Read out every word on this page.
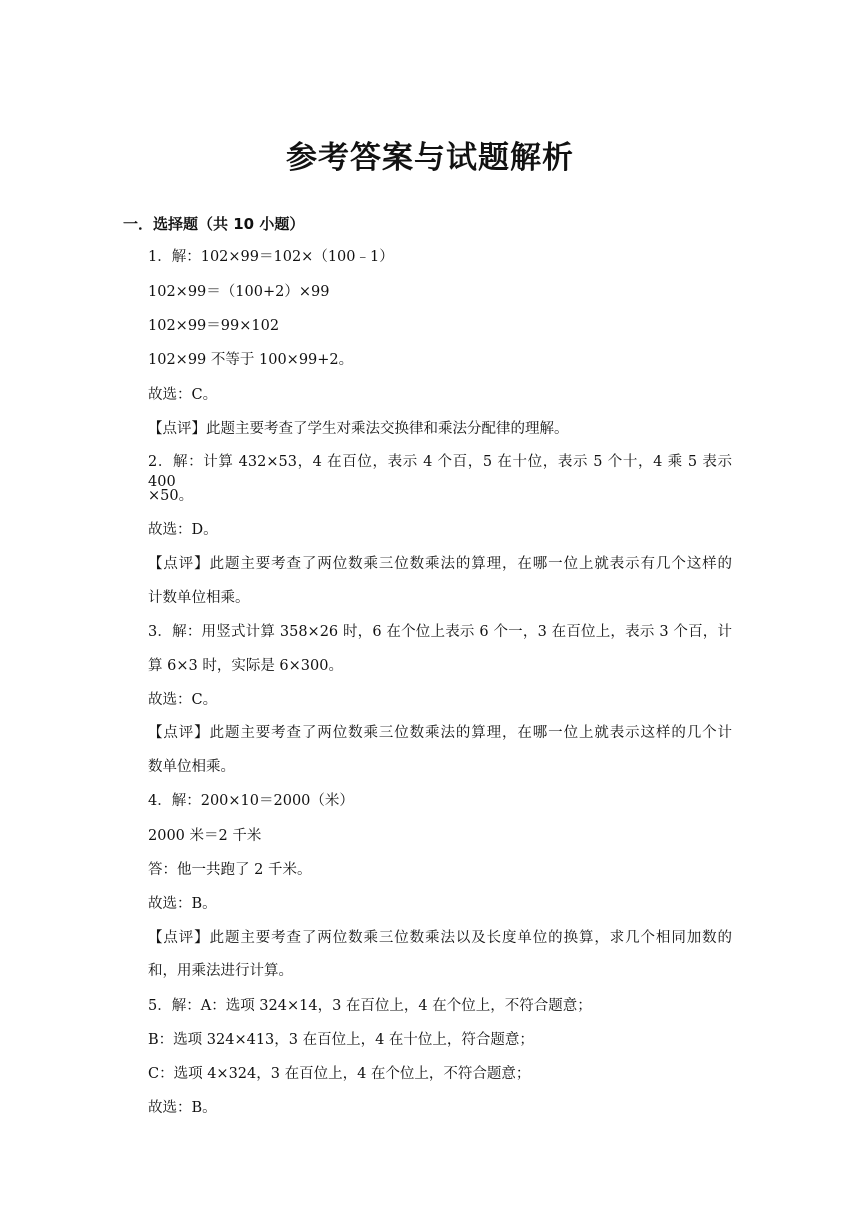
参考答案与试题解析
一．选择题（共 10 小题）
1．解：102×99＝102×（100﹣1）
102×99＝（100+2）×99
102×99＝99×102
102×99 不等于 100×99+2。
故选：C。
【点评】此题主要考查了学生对乘法交换律和乘法分配律的理解。
2．解：计算 432×53，4 在百位，表示 4 个百，5 在十位，表示 5 个十，4 乘 5 表示 400
×50。
故选：D。
【点评】此题主要考查了两位数乘三位数乘法的算理，在哪一位上就表示有几个这样的
计数单位相乘。
3．解：用竖式计算 358×26 时，6 在个位上表示 6 个一，3 在百位上，表示 3 个百，计
算 6×3 时，实际是 6×300。
故选：C。
【点评】此题主要考查了两位数乘三位数乘法的算理，在哪一位上就表示这样的几个计
数单位相乘。
4．解：200×10＝2000（米）
2000 米＝2 千米
答：他一共跑了 2 千米。
故选：B。
【点评】此题主要考查了两位数乘三位数乘法以及长度单位的换算，求几个相同加数的
和，用乘法进行计算。
5．解：A：选项 324×14，3 在百位上，4 在个位上，不符合题意；
B：选项 324×413，3 在百位上，4 在十位上，符合题意；
C：选项 4×324，3 在百位上，4 在个位上，不符合题意；
故选：B。
